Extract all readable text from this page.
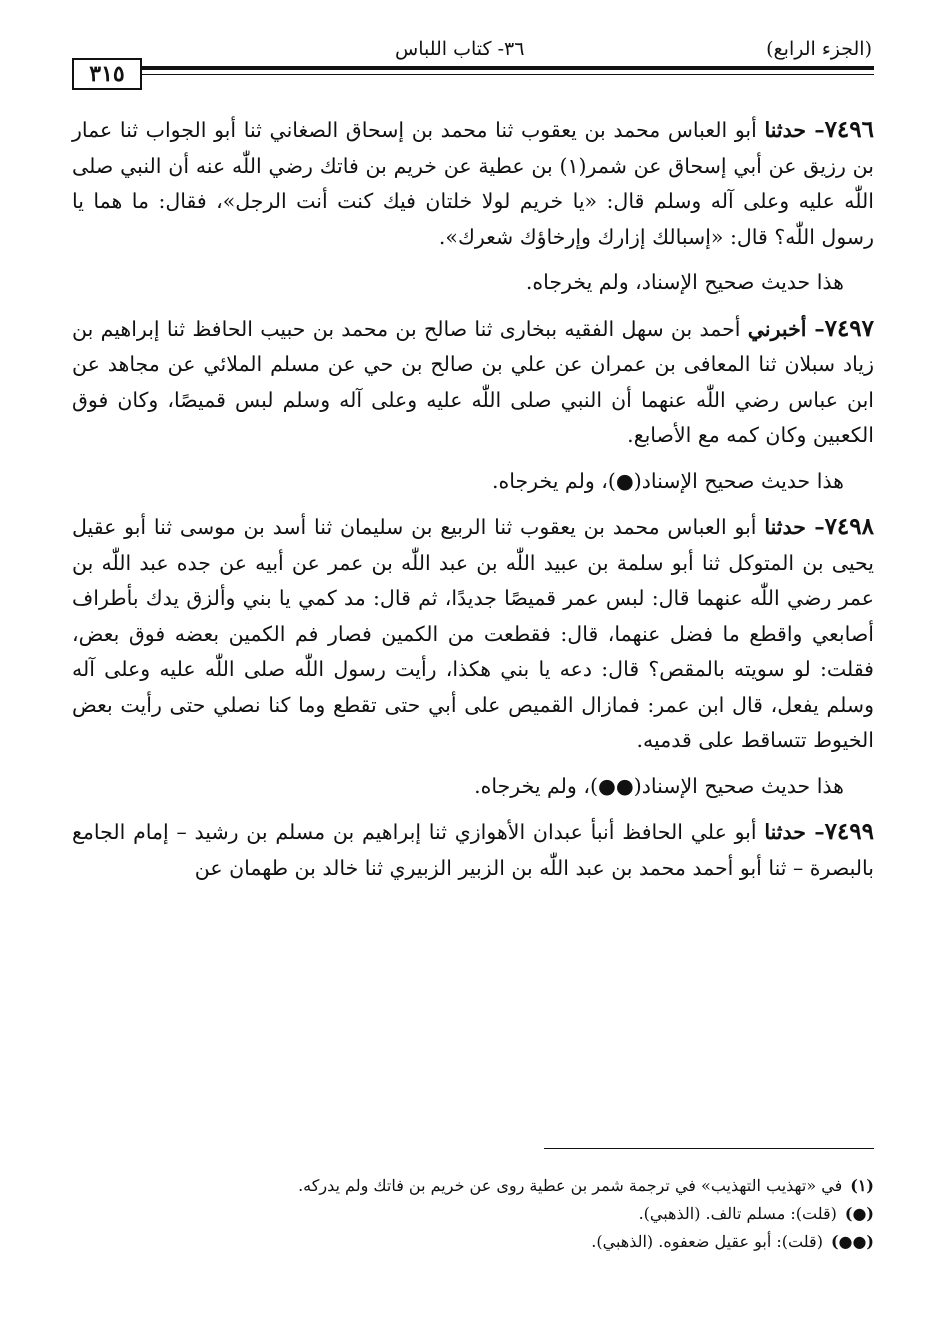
(الجزء الرابع)
٣٦- كتاب اللباس
٣١٥

٧٤٩٦– حدثنا أبو العباس محمد بن يعقوب ثنا محمد بن إسحاق الصغاني ثنا أبو الجواب ثنا عمار بن رزيق عن أبي إسحاق عن شمر(١) بن عطية عن خريم بن فاتك رضي اللّٰه عنه أن النبي صلى اللّٰه عليه وعلى آله وسلم قال: «يا خريم لولا خلتان فيك كنت أنت الرجل»، فقال: ما هما يا رسول اللّٰه؟ قال: «إسبالك إزارك وإرخاؤك شعرك».

هذا حديث صحيح الإسناد، ولم يخرجاه.

٧٤٩٧– أخبرني أحمد بن سهل الفقيه ببخارى ثنا صالح بن محمد بن حبيب الحافظ ثنا إبراهيم بن زياد سبلان ثنا المعافى بن عمران عن علي بن صالح بن حي عن مسلم الملائي عن مجاهد عن ابن عباس رضي اللّٰه عنهما أن النبي صلى اللّٰه عليه وعلى آله وسلم لبس قميصًا، وكان فوق الكعبين وكان كمه مع الأصابع.

هذا حديث صحيح الإسناد(●)، ولم يخرجاه.

٧٤٩٨– حدثنا أبو العباس محمد بن يعقوب ثنا الربيع بن سليمان ثنا أسد بن موسى ثنا أبو عقيل يحيى بن المتوكل ثنا أبو سلمة بن عبيد اللّٰه بن عبد اللّٰه بن عمر عن أبيه عن جده عبد اللّٰه بن عمر رضي اللّٰه عنهما قال: لبس عمر قميصًا جديدًا، ثم قال: مد كمي يا بني وألزق يدك بأطراف أصابعي واقطع ما فضل عنهما، قال: فقطعت من الكمين فصار فم الكمين بعضه فوق بعض، فقلت: لو سويته بالمقص؟ قال: دعه يا بني هكذا، رأيت رسول اللّٰه صلى اللّٰه عليه وعلى آله وسلم يفعل، قال ابن عمر: فمازال القميص على أبي حتى تقطع وما كنا نصلي حتى رأيت بعض الخيوط تتساقط على قدميه.

هذا حديث صحيح الإسناد(●●)، ولم يخرجاه.

٧٤٩٩– حدثنا أبو علي الحافظ أنبأ عبدان الأهوازي ثنا إبراهيم بن مسلم بن رشيد – إمام الجامع بالبصرة – ثنا أبو أحمد محمد بن عبد اللّٰه بن الزبير الزبيري ثنا خالد بن طهمان عن

(١)في «تهذيب التهذيب» في ترجمة شمر بن عطية روى عن خريم بن فاتك ولم يدركه.

(●)(قلت): مسلم تالف. (الذهبي).

(●●)(قلت): أبو عقيل ضعفوه. (الذهبي).
